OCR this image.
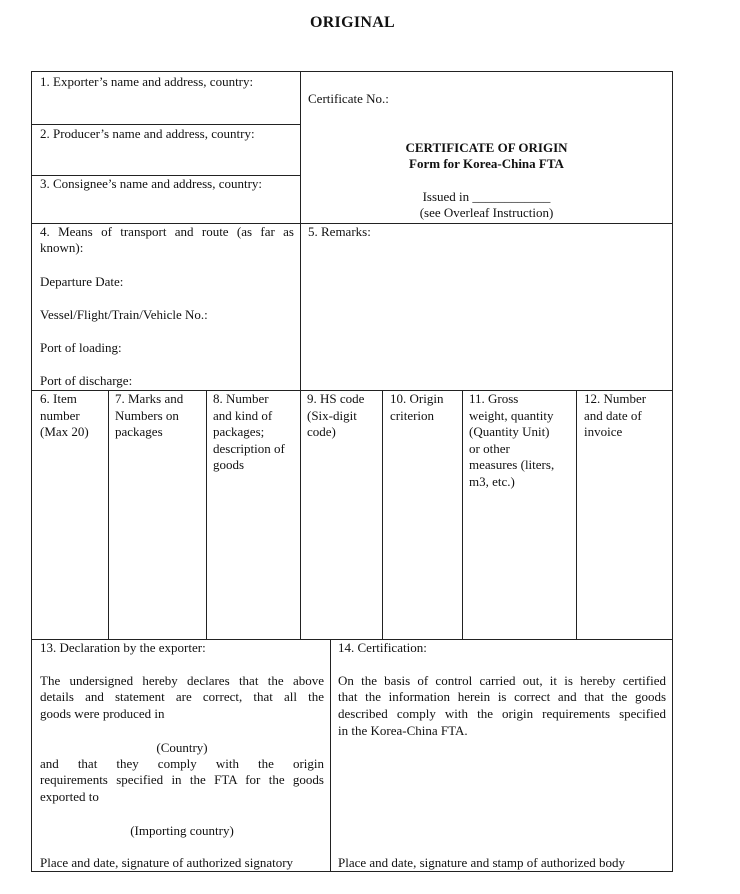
ORIGINAL
1. Exporter’s name and address, country:
2. Producer’s name and address, country:
3. Consignee’s name and address, country:
Certificate No.:
CERTIFICATE OF ORIGIN
Form for Korea-China FTA
Issued in ____________
(see Overleaf Instruction)
4. Means of transport and route (as far as
known):
Departure Date:
Vessel/Flight/Train/Vehicle No.:
Port of loading:
Port of discharge:
5. Remarks:
6. Item
number
(Max 20)
7. Marks and
Numbers on
packages
8. Number
and kind of
packages;
description of
goods
9. HS code
(Six-digit
code)
10. Origin
criterion
11. Gross
weight, quantity
(Quantity Unit)
or other
measures (liters,
m3, etc.)
12. Number
and date of
invoice
13. Declaration by the exporter:
The undersigned hereby declares that the above
details and statement are correct, that all the
goods were produced in
(Country)
and that they comply with the origin
requirements specified in the FTA for the goods
exported to
(Importing country)
Place and date, signature of authorized signatory
14. Certification:
On the basis of control carried out, it is hereby certified
that the information herein is correct and that the goods
described comply with the origin requirements specified
in the Korea-China FTA.
Place and date, signature and stamp of authorized body
